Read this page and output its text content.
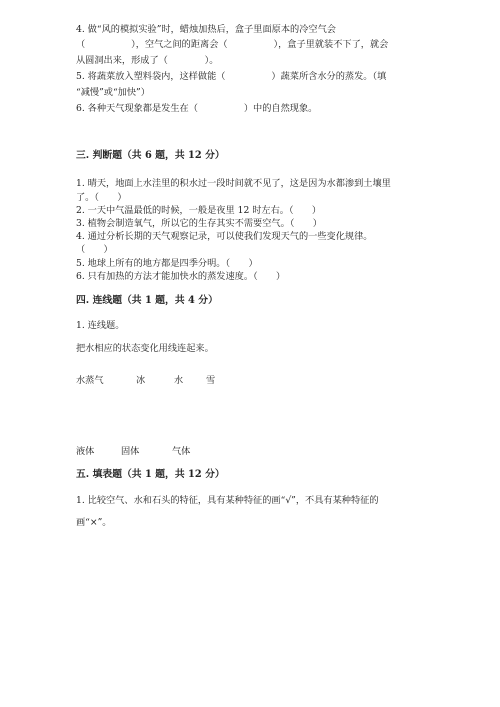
4. 做“风的模拟实验”时，蜡烛加热后，盒子里面原本的冷空气会
（　　　　　），空气之间的距离会（　　　　　），盒子里就装不下了，就会
从圆洞出来，形成了（　　　　）。
5. 将蔬菜放入塑料袋内，这样做能（　　　　　）蔬菜所含水分的蒸发。（填
“减慢”或“加快”）
6. 各种天气现象都是发生在（　　　　　）中的自然现象。
三. 判断题（共 6 题，共 12 分）
1. 晴天，地面上水洼里的积水过一段时间就不见了，这是因为水都渗到土壤里
了。（　　）
2. 一天中气温最低的时候，一般是夜里 12 时左右。（　　）
3. 植物会制造氧气，所以它的生存其实不需要空气。（　　）
4. 通过分析长期的天气观察记录，可以使我们发现天气的一些变化规律。
（　　）
5. 地球上所有的地方都是四季分明。（　　）
6. 只有加热的方法才能加快水的蒸发速度。（　　）
四. 连线题（共 1 题，共 4 分）
1. 连线题。
把水相应的状态变化用线连起来。
水蒸气	冰	水 雪
液体	固体	气体
五. 填表题（共 1 题，共 12 分）
1. 比较空气、水和石头的特征，具有某种特征的画“√”，不具有某种特征的
画“×”。
